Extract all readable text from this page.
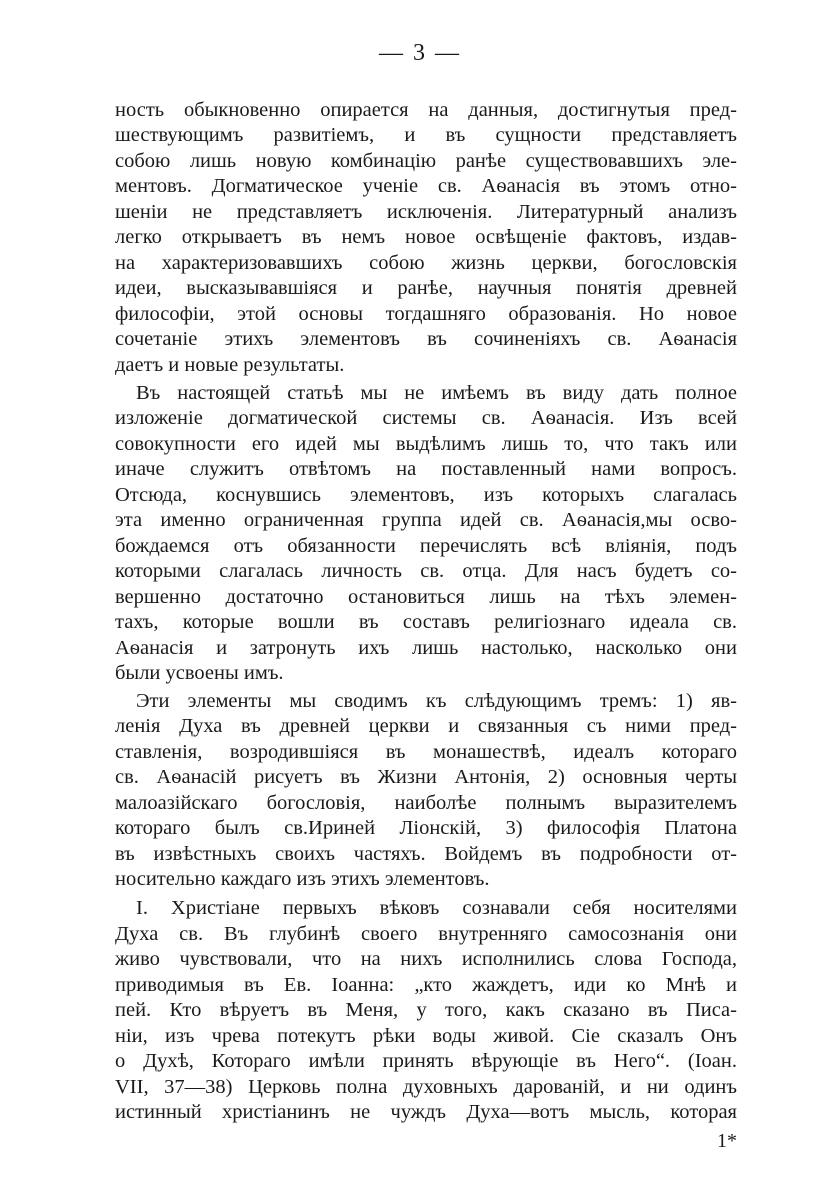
— 3 —
ность обыкновенно опирается на данныя, достигнутыя пред-
шествующимъ развитіемъ, и въ сущности представляетъ
собою лишь новую комбинацію ранѣе существовавшихъ эле-
ментовъ. Догматическое ученіе св. Аѳанасія въ этомъ отно-
шеніи не представляетъ исключенія. Литературный анализъ
легко открываетъ въ немъ новое освѣщеніе фактовъ, издав-
на характеризовавшихъ собою жизнь церкви, богословскія
идеи, высказывавшіяся и ранѣе, научныя понятія древней
философіи, этой основы тогдашняго образованія. Но новое
сочетаніе этихъ элементовъ въ сочиненіяхъ св. Аѳанасія
даетъ и новые результаты.
Въ настоящей статьѣ мы не имѣемъ въ виду дать полное
изложеніе догматической системы св. Аѳанасія. Изъ всей
совокупности его идей мы выдѣлимъ лишь то, что такъ или
иначе служитъ отвѣтомъ на поставленный нами вопросъ.
Отсюда, коснувшись элементовъ, изъ которыхъ слагалась
эта именно ограниченная группа идей св. Аѳанасія,мы осво-
бождаемся отъ обязанности перечислять всѣ вліянія, подъ
которыми слагалась личность св. отца. Для насъ будетъ со-
вершенно достаточно остановиться лишь на тѣхъ элемен-
тахъ, которые вошли въ составъ религіознаго идеала св.
Аѳанасія и затронуть ихъ лишь настолько, насколько они
были усвоены имъ.
Эти элементы мы сводимъ къ слѣдующимъ тремъ: 1) яв-
ленія Духа въ древней церкви и связанныя съ ними пред-
ставленія, возродившіяся въ монашествѣ, идеалъ котораго
св. Аѳанасій рисуетъ въ Жизни Антонія, 2) основныя черты
малоазійскаго богословія, наиболѣе полнымъ выразителемъ
котораго былъ св.Ириней Ліонскій, 3) философія Платона
въ извѣстныхъ своихъ частяхъ. Войдемъ въ подробности от-
носительно каждаго изъ этихъ элементовъ.
I. Христіане первыхъ вѣковъ сознавали себя носителями
Духа св. Въ глубинѣ своего внутренняго самосознанія они
живо чувствовали, что на нихъ исполнились слова Господа,
приводимыя въ Ев. Іоанна: „кто жаждетъ, иди ко Мнѣ и
пей. Кто вѣруетъ въ Меня, у того, какъ сказано въ Писа-
ніи, изъ чрева потекутъ рѣки воды живой. Сіе сказалъ Онъ
о Духѣ, Котораго имѣли принять вѣрующіе въ Него“. (Іоан.
VII, 37—38) Церковь полна духовныхъ дарованій, и ни одинъ
истинный христіанинъ не чуждъ Духа—вотъ мысль, которая
1*
